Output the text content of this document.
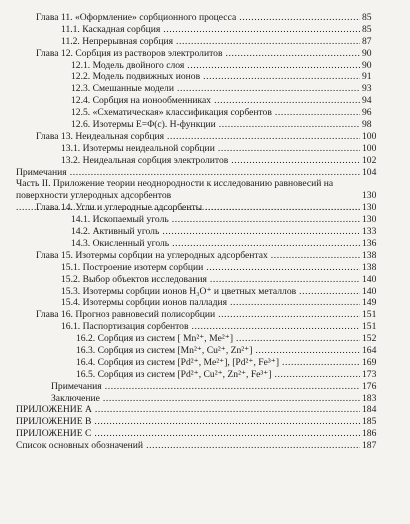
Глава 11. «Оформление» сорбционного процесса .....	85
11.1. Каскадная сорбция .....	85
11.2. Непрерывная сорбция .....	87
Глава 12. Сорбция из растворов электролитов .....	90
12.1. Модель двойного слоя .....	90
12.2. Модель подвижных ионов .....	91
12.3. Смешанные модели .....	93
12.4. Сорбция на ионообменниках .....	94
12.5. «Схематическая» классификация сорбентов .....	96
12.6. Изотермы E=Φ(c). H-функции .....	98
Глава 13. Неидеальная сорбция .....	100
13.1. Изотермы неидеальной сорбции .....	100
13.2. Неидеальная сорбция электролитов .....	102
Примечания .....	104
Часть II. Приложение теории неоднородности к исследованию равновесий на поверхности углеродных адсорбентов .....	130
Глава 14. Угли и углеродные адсорбенты .....	130
14.1. Ископаемый уголь .....	130
14.2. Активный уголь .....	133
14.3. Окисленный уголь .....	136
Глава 15. Изотермы сорбции на углеродных адсорбентах .....	138
15.1. Построение изотерм сорбции .....	138
15.2. Выбор объектов исследования .....	140
15.3. Изотермы сорбции ионов H₃O⁺ и цветных металлов .....	140
15.4. Изотермы сорбции ионов палладия .....	149
Глава 16. Прогноз равновесий полисорбции .....	151
16.1. Паспортизация сорбентов .....	151
16.2. Сорбция из систем [ Mn²⁺, Me²⁺] .....	152
16.3. Сорбция из систем [Mn²⁺, Cu²⁺, Zn²⁺] .....	164
16.4. Сорбция из систем [Pd²⁺, Me²⁺], [Pd²⁺, Fe³⁺] .....	169
16.5. Сорбция из систем [Pd²⁺, Cu²⁺, Zn²⁺, Fe³⁺] .....	173
Примечания .....	176
Заключение .....	183
ПРИЛОЖЕНИЕ А .....	184
ПРИЛОЖЕНИЕ В .....	185
ПРИЛОЖЕНИЕ С .....	186
Список основных обозначений .....	187
